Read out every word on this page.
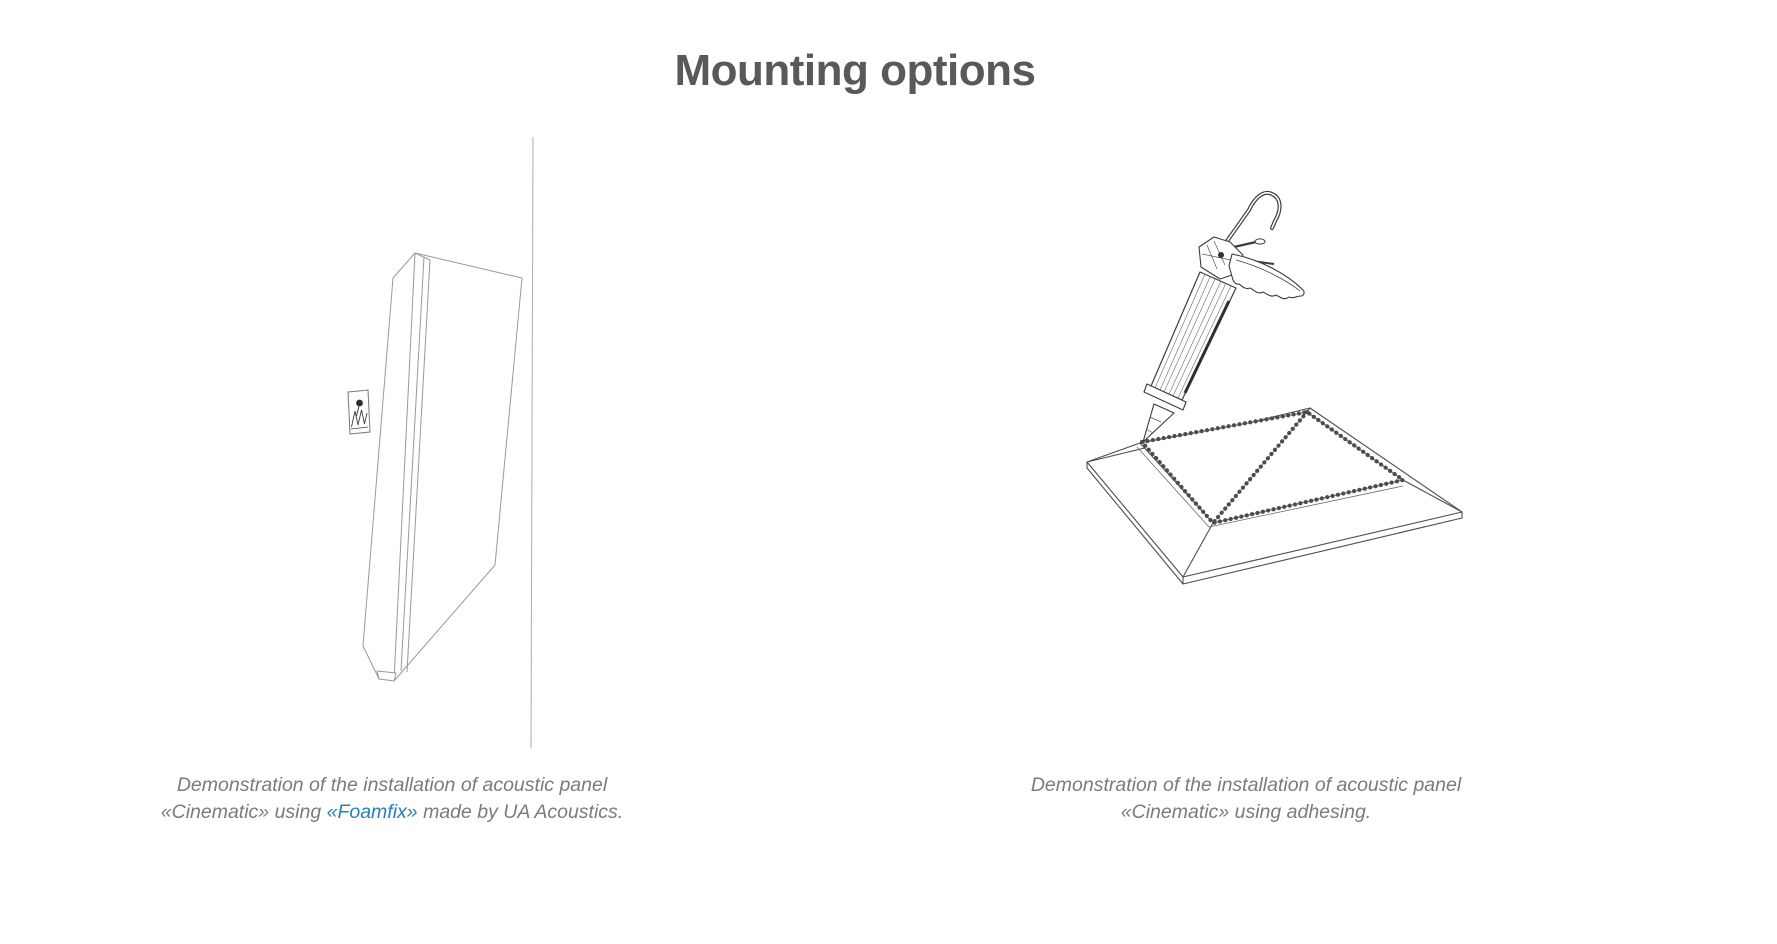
Mounting options
Demonstration of the installation of acoustic panel «Cinematic» using «Foamfix» made by UA Acoustics.
Demonstration of the installation of acoustic panel «Cinematic» using adhesing.
